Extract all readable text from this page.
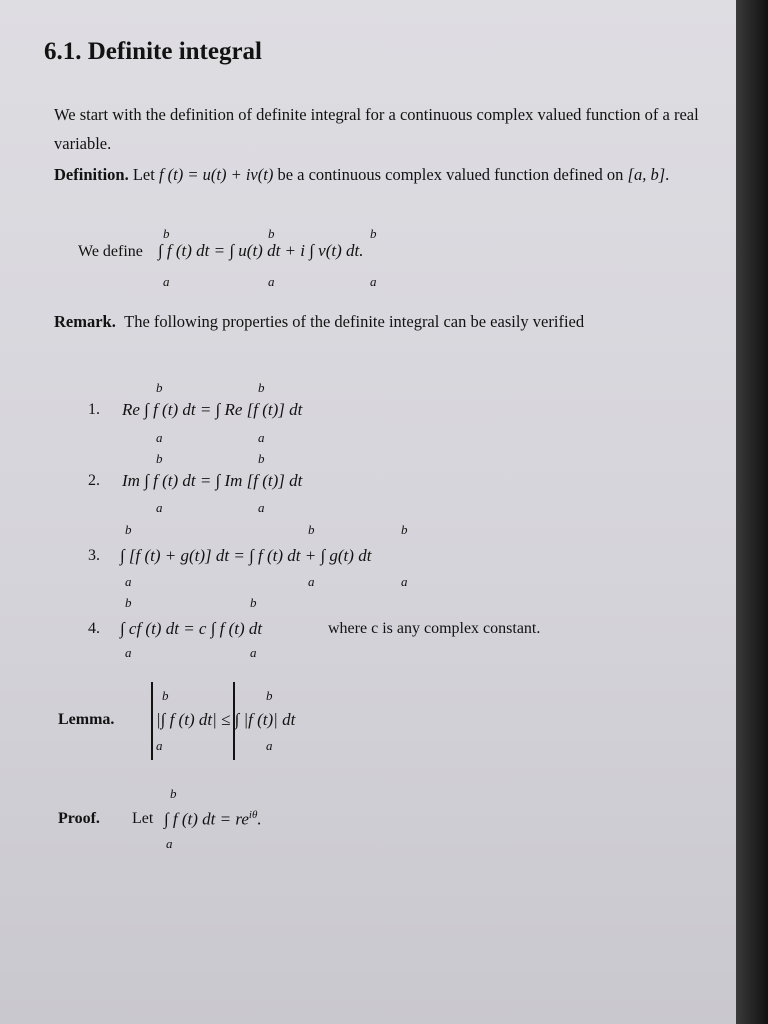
6.1. Definite integral
We start with the definition of definite integral for a continuous complex valued function of a real variable.
Definition. Let f (t) = u(t) + iv(t) be a continuous complex valued function defined on [a, b].
We define ∫ f (t) dt = ∫ u(t) dt + i ∫ v(t) dt.
b
a
b
a
b
a
Remark. The following properties of the definite integral can be easily verified
1. Re ∫ f (t) dt = ∫ Re [f (t)] dt
b
a
b
a
2. Im ∫ f (t) dt = ∫ Im [f (t)] dt
b
a
b
a
3. ∫ [f (t) + g(t)] dt = ∫ f (t) dt + ∫ g(t) dt
b
a
b
a
b
a
4. ∫ cf (t) dt = c ∫ f (t) dt	where c is any complex constant.
b
a
b
a
Lemma. |∫ f (t) dt| ≤ ∫ |f (t)| dt
b
a
b
a
Proof. Let ∫ f (t) dt = $re^{i\theta}$.
b
a
